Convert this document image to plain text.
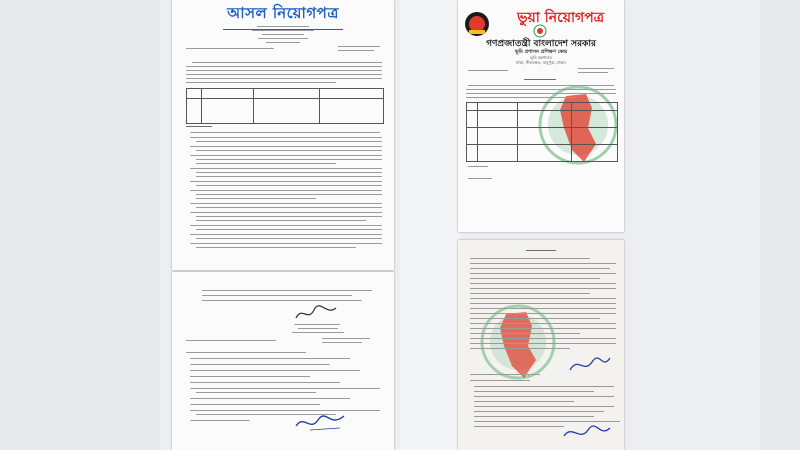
আসল নিয়োগপত্র	ভুয়া নিয়োগপত্র
গণপ্রজাতন্ত্রী বাংলাদেশ সরকার
ভূমি প্রশাসন প্রশিক্ষণ কেন্দ্র
ভূমি মন্ত্রণালয়
ঢাকা, নীলক্ষেত, বাবুপুরা, ঢাকা।
